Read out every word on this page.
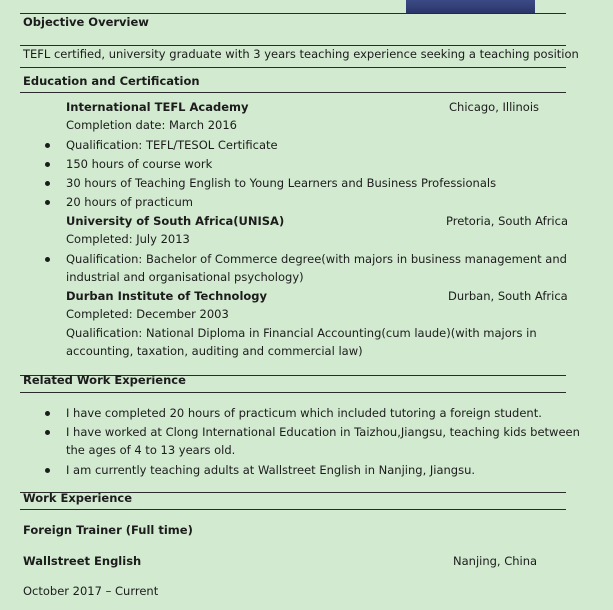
Objective Overview
TEFL certified, university graduate with 3 years teaching experience seeking a teaching position
Education and Certification
International TEFL Academy	Chicago, Illinois
Completion date: March 2016
Qualification: TEFL/TESOL Certificate
150 hours of course work
30 hours of Teaching English to Young Learners and Business Professionals
20 hours of practicum
University of South Africa(UNISA)	Pretoria, South Africa
Completed: July 2013
Qualification: Bachelor of Commerce degree(with majors in business management and
industrial and organisational psychology)
Durban Institute of Technology	Durban, South Africa
Completed: December 2003
Qualification: National Diploma in Financial Accounting(cum laude)(with majors in
accounting, taxation, auditing and commercial law)
Related Work Experience
I have completed 20 hours of practicum which included tutoring a foreign student.
I have worked at Clong International Education in Taizhou,Jiangsu, teaching kids between
the ages of 4 to 13 years old.
I am currently teaching adults at Wallstreet English in Nanjing, Jiangsu.
Work Experience
Foreign Trainer (Full time)
Wallstreet English	Nanjing, China
October 2017 – Current
